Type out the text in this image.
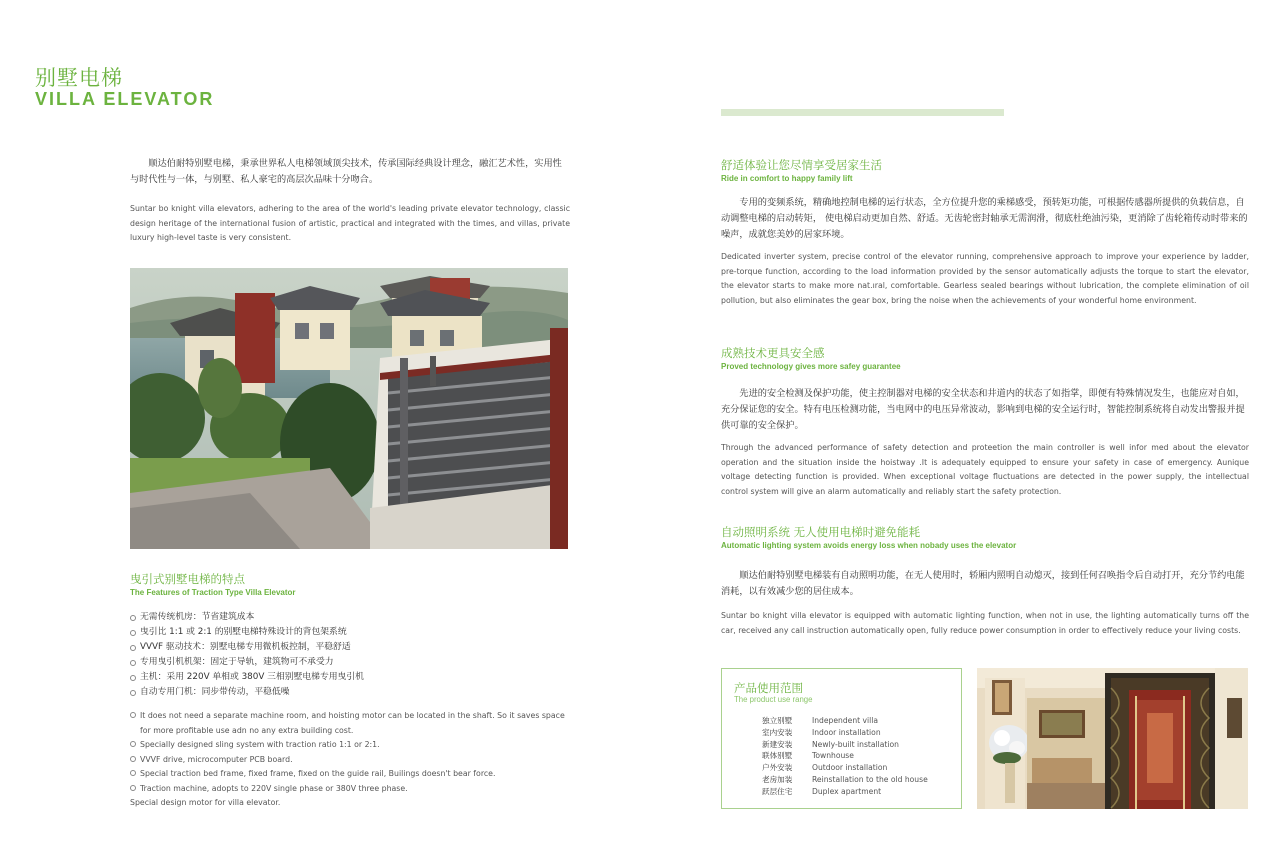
别墅电梯
VILLA ELEVATOR

顺达伯耐特别墅电梯，秉承世界私人电梯领域顶尖技术，传承国际经典设计理念，融汇艺术性，实用性与时代性与一体，与别墅、私人豪宅的高层次品味十分吻合。

Suntar bo knight villa elevators, adhering to the area of the world's leading private elevator technology, classic design heritage of the international fusion of artistic, practical and integrated with the times, and villas, private luxury high-level taste is very consistent.

曳引式别墅电梯的特点
The Features of Traction Type Villa Elevator
无需传统机房：节省建筑成本
曳引比 1:1 或 2:1 的别墅电梯特殊设计的背包架系统
VVVF 驱动技术：别墅电梯专用微机板控制，平稳舒适
专用曳引机机架：固定于导轨，建筑物可不承受力
主机：采用 220V 单相或 380V 三相别墅电梯专用曳引机
自动专用门机：同步带传动，平稳低噪
It does not need a separate machine room, and hoisting motor can be located in the shaft. So it saves space for more profitable use adn no any extra building cost.
Specially designed sling system with traction ratio 1:1 or 2:1.
VVVF drive, microcomputer PCB board.
Special traction bed frame, fixed frame, fixed on the guide rail, Builings doesn't bear force.
Traction machine, adopts to 220V single phase or 380V three phase.
Special design motor for villa elevator.
舒适体验让您尽情享受居家生活
Ride in comfort to happy family lift

专用的变频系统，精确地控制电梯的运行状态，全方位提升您的乘梯感受，预转矩功能，可根据传感器所提供的负载信息，自动调整电梯的启动转矩， 使电梯启动更加自然、舒适。无齿轮密封轴承无需润滑，彻底杜绝油污染，更消除了齿轮箱传动时带来的噪声，成就您美妙的居家环境。

Dedicated inverter system, precise control of the elevator running, comprehensive approach to improve your experience by ladder, pre-torque function, according to the load information provided by the sensor automatically adjusts the torque to start the elevator, the elevator starts to make more nat.ıral, comfortable. Gearless sealed bearings without lubrication, the complete elimination of oil pollution, but also eliminates the gear box, bring the noise when the achievements of your wonderful home environment.

成熟技术更具安全感
Proved technology gives more safey guarantee

先进的安全检测及保护功能，使主控制器对电梯的安全状态和井道内的状态了如指掌，即便有特殊情况发生，也能应对自如，充分保证您的安全。特有电压检测功能，当电网中的电压异常波动，影响到电梯的安全运行时，智能控制系统将自动发出警报并提供可靠的安全保护。

Through the advanced performance of safety detection and proteetion the main controller is well infor med about the elevator operation and the situation inside the hoistway .It is adequately equipped to ensure your safety in case of emergency. Aunique voltage detecting function is provided. When exceptional voltage fluctuations are detected in the power supply, the intellectual control system will give an alarm automatically and reliably start the safety protection.

自动照明系统 无人使用电梯时避免能耗
Automatic lighting system avoids energy loss when nobady uses the elevator

顺达伯耐特别墅电梯装有自动照明功能，在无人使用时，轿厢内照明自动熄灭，接到任何召唤指令后自动打开，充分节约电能消耗，以有效减少您的居住成本。

Suntar bo knight villa elevator is equipped with automatic lighting function, when not in use, the lighting automatically turns off the car, received any call instruction automatically open, fully reduce power consumption in order to effectively reduce your living costs.

产品使用范围
The product use range
独立别墅	Independent villa
室内安装	Indoor installation
新建安装	Newly-built installation
联体别墅	Townhouse
户外安装	Outdoor installation
老房加装	Reinstallation to the old house
跃层住宅	Duplex apartment
